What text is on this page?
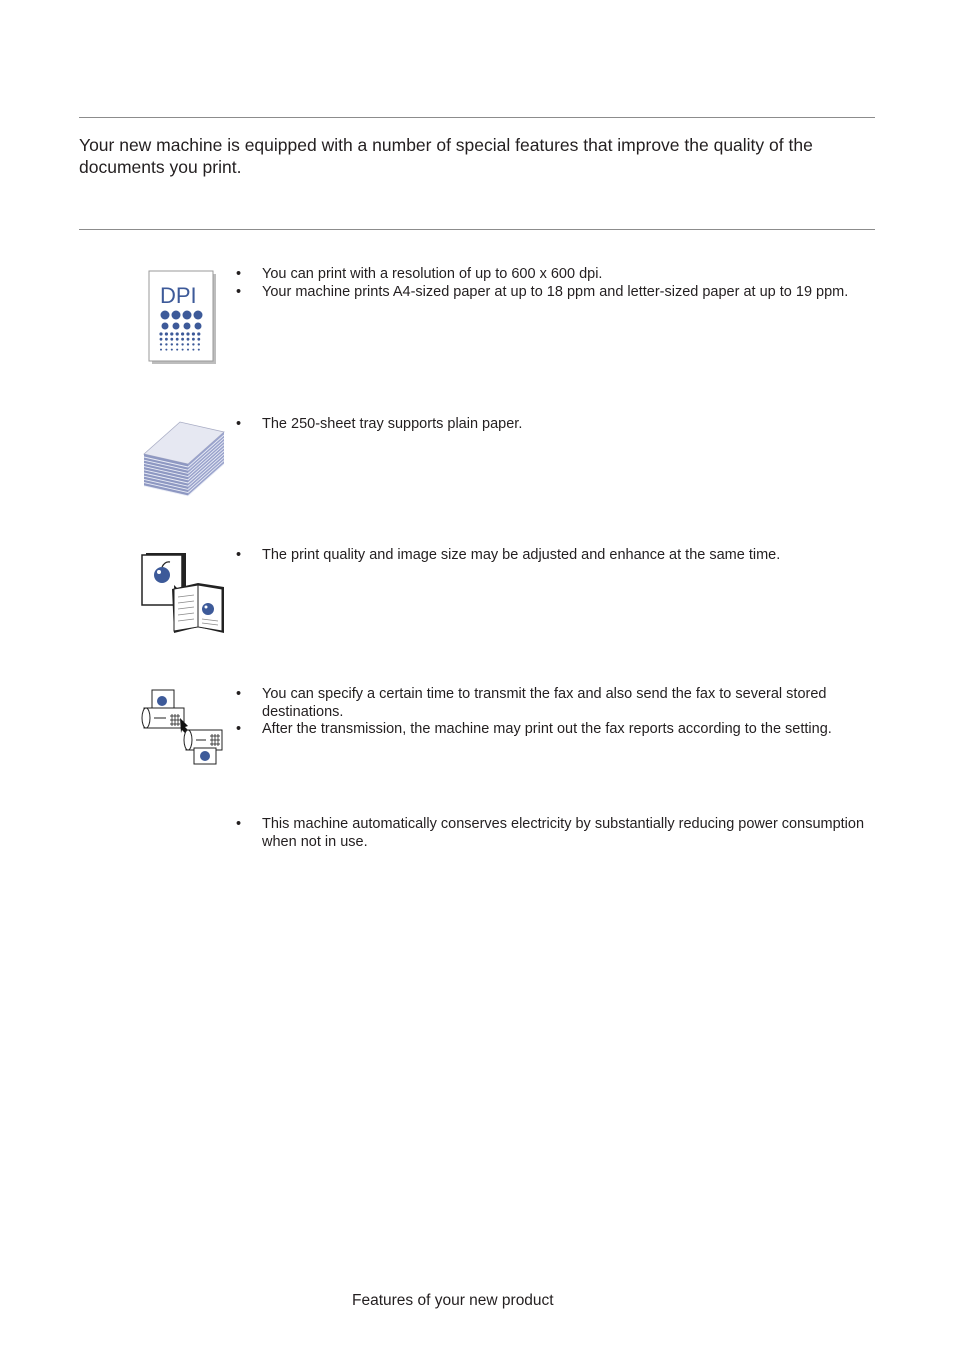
Your new machine is equipped with a number of special features that improve the quality of the documents you print.

DPI
• You can print with a resolution of up to 600 x 600 dpi.
• Your machine prints A4-sized paper at up to 18 ppm and letter-sized paper at up to 19 ppm.
• The 250-sheet tray supports plain paper.
• The print quality and image size may be adjusted and enhance at the same time.
• You can specify a certain time to transmit the fax and also send the fax to several stored destinations.
• After the transmission, the machine may print out the fax reports according to the setting.
• This machine automatically conserves electricity by substantially reducing power consumption when not in use.
Features of your new product
